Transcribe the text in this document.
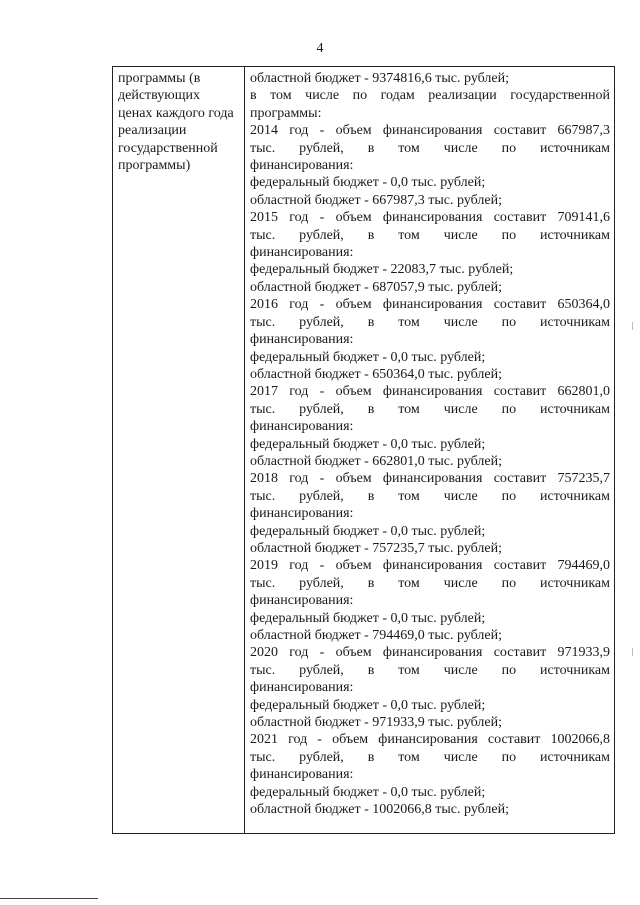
4
программы (в
действующих
ценах каждого года
реализации
государственной
программы)
областной бюджет - 9374816,6 тыс. рублей;
в том числе по годам реализации государственной
программы:
2014 год - объем финансирования составит 667987,3
тыс. рублей, в том числе по источникам
финансирования:
федеральный бюджет - 0,0 тыс. рублей;
областной бюджет - 667987,3 тыс. рублей;
2015 год - объем финансирования составит 709141,6
тыс. рублей, в том числе по источникам
финансирования:
федеральный бюджет - 22083,7 тыс. рублей;
областной бюджет - 687057,9 тыс. рублей;
2016 год - объем финансирования составит 650364,0
тыс. рублей, в том числе по источникам
финансирования:
федеральный бюджет - 0,0 тыс. рублей;
областной бюджет - 650364,0 тыс. рублей;
2017 год - объем финансирования составит 662801,0
тыс. рублей, в том числе по источникам
финансирования:
федеральный бюджет - 0,0 тыс. рублей;
областной бюджет - 662801,0 тыс. рублей;
2018 год - объем финансирования составит 757235,7
тыс. рублей, в том числе по источникам
финансирования:
федеральный бюджет - 0,0 тыс. рублей;
областной бюджет - 757235,7 тыс. рублей;
2019 год - объем финансирования составит 794469,0
тыс. рублей, в том числе по источникам
финансирования:
федеральный бюджет - 0,0 тыс. рублей;
областной бюджет - 794469,0 тыс. рублей;
2020 год - объем финансирования составит 971933,9
тыс. рублей, в том числе по источникам
финансирования:
федеральный бюджет - 0,0 тыс. рублей;
областной бюджет - 971933,9 тыс. рублей;
2021 год - объем финансирования составит 1002066,8
тыс. рублей, в том числе по источникам
финансирования:
федеральный бюджет - 0,0 тыс. рублей;
областной бюджет - 1002066,8 тыс. рублей;
